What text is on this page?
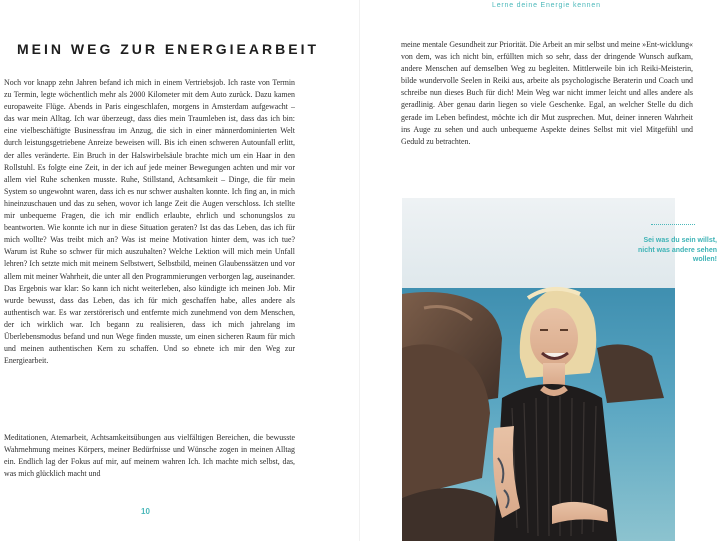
MEIN WEG ZUR ENERGIEARBEIT

Noch vor knapp zehn Jahren befand ich mich in einem Vertriebsjob. Ich raste von Termin zu Termin, legte wöchentlich mehr als 2000 Kilometer mit dem Auto zurück. Dazu kamen europaweite Flüge. Abends in Paris eingeschlafen, morgens in Amsterdam aufgewacht – das war mein Alltag. Ich war überzeugt, dass dies mein Traumleben ist, dass das ich bin: eine vielbeschäftigte Businessfrau im Anzug, die sich in einer männerdominierten Welt durch leistungsgetriebene Anreize beweisen will. Bis ich einen schweren Autounfall erlitt, der alles veränderte. Ein Bruch in der Halswirbelsäule brachte mich um ein Haar in den Rollstuhl. Es folgte eine Zeit, in der ich auf jede meiner Bewegungen achten und mir vor allem viel Ruhe schenken musste. Ruhe, Stillstand, Achtsamkeit – Dinge, die für mein System so ungewohnt waren, dass ich es nur schwer aushalten konnte. Ich fing an, in mich hineinzuschauen und das zu sehen, wovor ich lange Zeit die Augen verschloss. Ich stellte mir unbequeme Fragen, die ich mir endlich erlaubte, ehrlich und schonungslos zu beantworten. Wie konnte ich nur in diese Situation geraten? Ist das das Leben, das ich für mich wollte? Was treibt mich an? Was ist meine Motivation hinter dem, was ich tue? Warum ist Ruhe so schwer für mich auszuhalten? Welche Lektion will mich mein Unfall lehren? Ich setzte mich mit meinem Selbstwert, Selbstbild, meinen Glaubenssätzen und vor allem mit meiner Wahrheit, die unter all den Programmierungen verborgen lag, auseinander. Das Ergebnis war klar: So kann ich nicht weiterleben, also kündigte ich meinen Job. Mir wurde bewusst, dass das Leben, das ich für mich geschaffen habe, alles andere als authentisch war. Es war zerstörerisch und entfernte mich zunehmend von dem Menschen, der ich wirklich war. Ich begann zu realisieren, dass ich mich jahrelang im Überlebensmodus befand und nun Wege finden musste, um einen sicheren Raum für mich und meinen authentischen Kern zu schaffen. Und so ebnete ich mir den Weg zur Energiearbeit.

Meditationen, Atemarbeit, Achtsamkeitsübungen aus vielfältigen Bereichen, die bewusste Wahrnehmung meines Körpers, meiner Bedürfnisse und Wünsche zogen in meinen Alltag ein. Endlich lag der Fokus auf mir, auf meinem wahren Ich. Ich machte mich selbst, das, was mich glücklich macht und

10

Lerne deine Energie kennen

meine mentale Gesundheit zur Priorität. Die Arbeit an mir selbst und meine »Ent-wicklung« von dem, was ich nicht bin, erfüllten mich so sehr, dass der dringende Wunsch aufkam, andere Menschen auf demselben Weg zu begleiten. Mittlerweile bin ich Reiki-Meisterin, bilde wundervolle Seelen in Reiki aus, arbeite als psychologische Beraterin und Coach und schreibe nun dieses Buch für dich! Mein Weg war nicht immer leicht und alles andere als geradlinig. Aber genau darin liegen so viele Geschenke. Egal, an welcher Stelle du dich gerade im Leben befindest, möchte ich dir Mut zusprechen. Mut, deiner inneren Wahrheit ins Auge zu sehen und auch unbequeme Aspekte deines Selbst mit viel Mitgefühl und Geduld zu betrachten.

Sei was du sein willst, nicht was andere sehen wollen!
